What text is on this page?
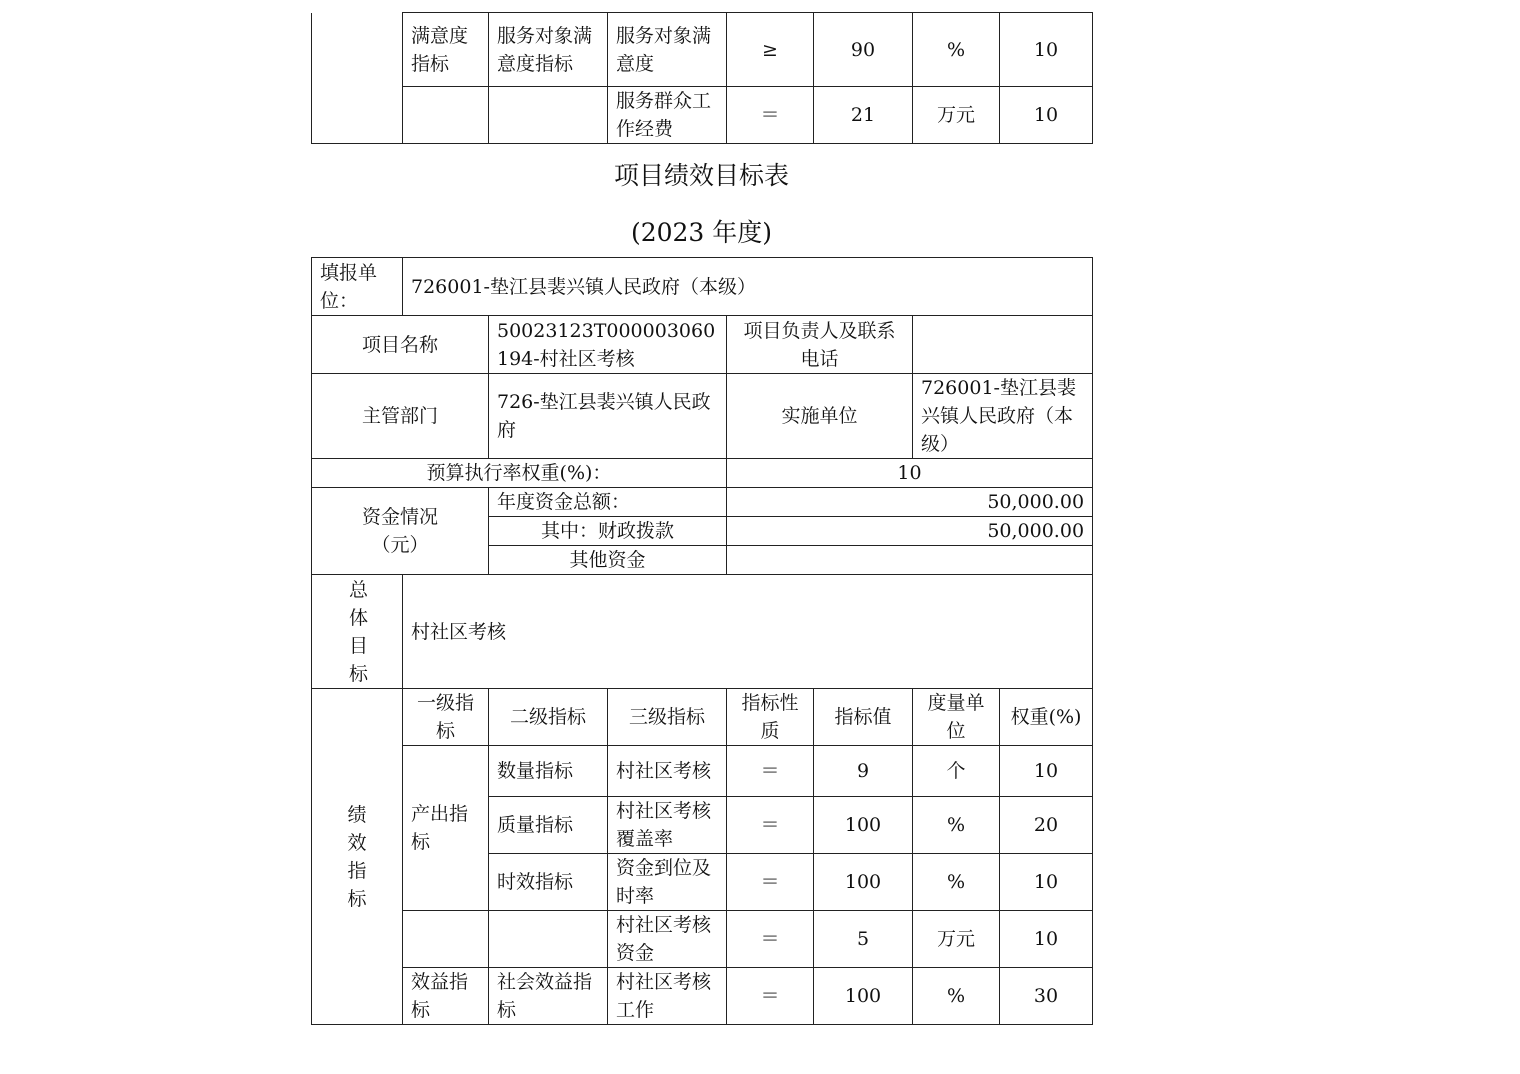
	满意度指标	服务对象满意度指标	服务对象满意度	≥	90	%	10
			服务群众工作经费	＝	21	万元	10
项目绩效目标表
(2023 年度)
填报单位：	726001-垫江县裴兴镇人民政府（本级）						
项目名称		50023123T000003060194-村社区考核		项目负责人及联系电话			
主管部门		726-垫江县裴兴镇人民政府		实施单位		726001-垫江县裴兴镇人民政府（本级）	
预算执行率权重(%)：				10			
资金情况（元）		年度资金总额：		50,000.00			
		其中：财政拨款		50,000.00			
		其他资金					
总体目标	村社区考核						
绩效指标	一级指标	二级指标	三级指标	指标性质	指标值	度量单位	权重(%)
	产出指标	数量指标	村社区考核	＝	9	个	10
		质量指标	村社区考核覆盖率	＝	100	%	20
		时效指标	资金到位及时率	＝	100	%	10
			村社区考核资金	＝	5	万元	10
	效益指标	社会效益指标	村社区考核工作	＝	100	%	30
